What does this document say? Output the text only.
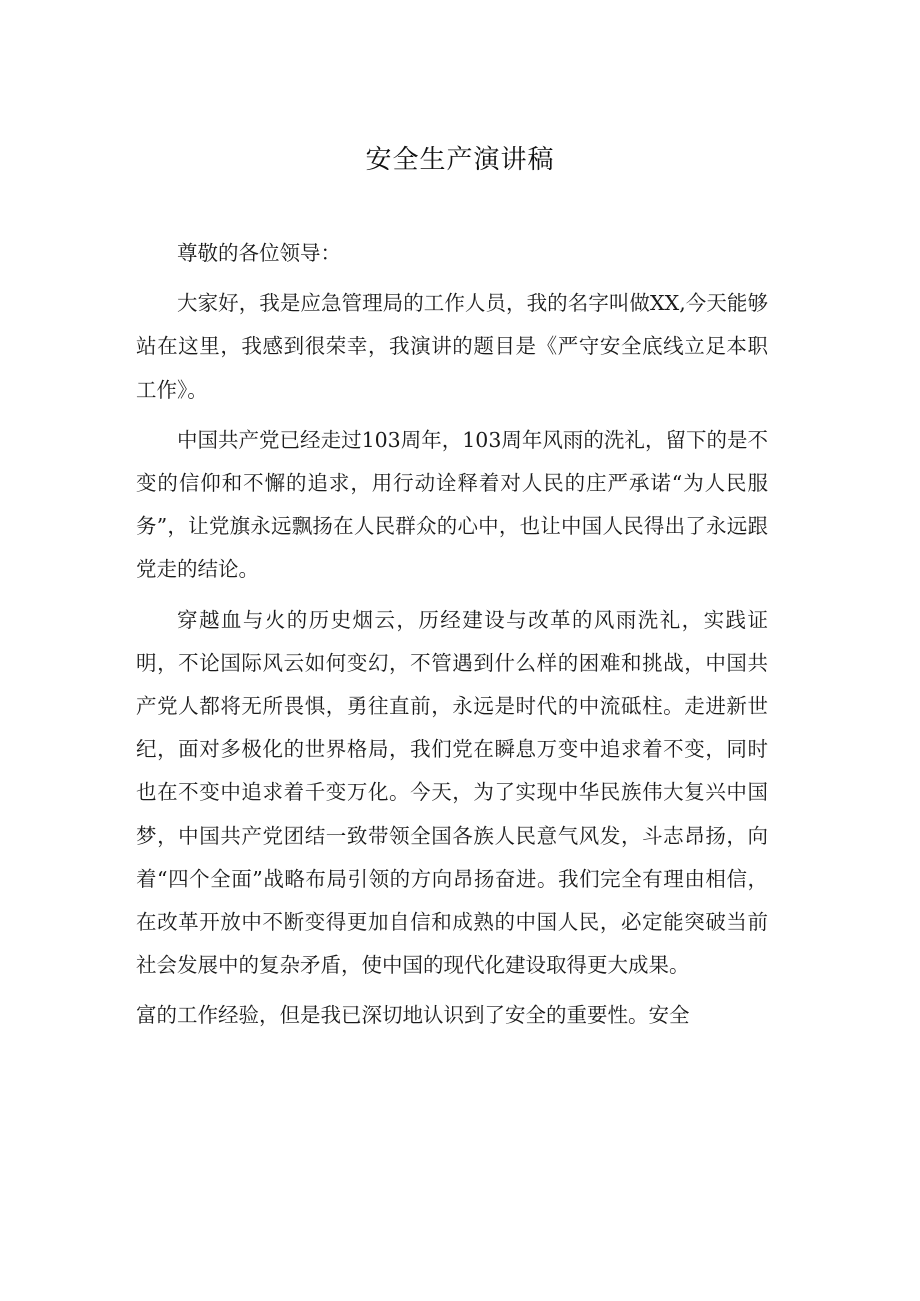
安全生产演讲稿

尊敬的各位领导：

大家好，我是应急管理局的工作人员，我的名字叫做XX,今天能够站在这里，我感到很荣幸，我演讲的题目是《严守安全底线立足本职工作》。

中国共产党已经走过103周年，103周年风雨的洗礼，留下的是不变的信仰和不懈的追求，用行动诠释着对人民的庄严承诺“为人民服务”，让党旗永远飘扬在人民群众的心中，也让中国人民得出了永远跟党走的结论。

穿越血与火的历史烟云，历经建设与改革的风雨洗礼，实践证明，不论国际风云如何变幻，不管遇到什么样的困难和挑战，中国共产党人都将无所畏惧，勇往直前，永远是时代的中流砥柱。走进新世纪，面对多极化的世界格局，我们党在瞬息万变中追求着不变，同时也在不变中追求着千变万化。今天，为了实现中华民族伟大复兴中国梦，中国共产党团结一致带领全国各族人民意气风发，斗志昂扬，向着“四个全面”战略布局引领的方向昂扬奋进。我们完全有理由相信，在改革开放中不断变得更加自信和成熟的中国人民，必定能突破当前社会发展中的复杂矛盾，使中国的现代化建设取得更大成果。

富的工作经验，但是我已深切地认识到了安全的重要性。安全
